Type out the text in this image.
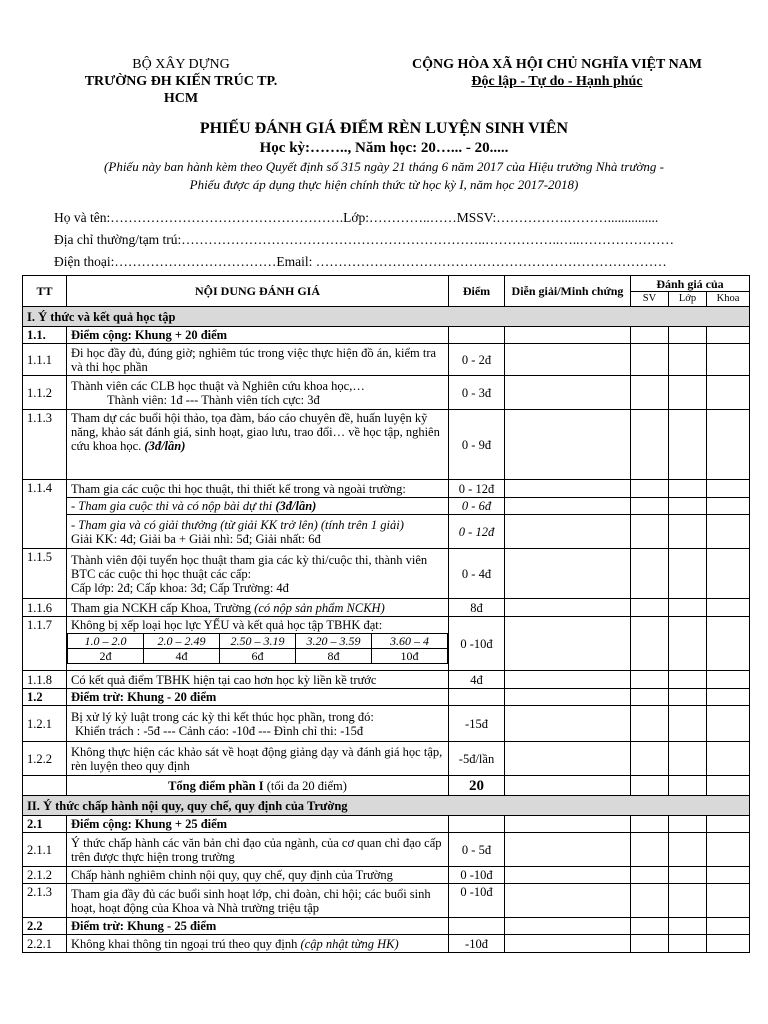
BỘ XÂY DỰNG
TRƯỜNG ĐH KIẾN TRÚC TP. HCM
CỘNG HÒA XÃ HỘI CHỦ NGHĨA VIỆT NAM
Độc lập - Tự do - Hạnh phúc
PHIẾU ĐÁNH GIÁ ĐIỂM RÈN LUYỆN SINH VIÊN
Học kỳ:…….., Năm học: 20…... - 20.....
(Phiếu này ban hành kèm theo Quyết định số 315 ngày 21 tháng 6 năm 2017 của Hiệu trưởng Nhà trường -
Phiếu được áp dụng thực hiện chính thức từ học kỳ I, năm học 2017-2018)
Họ và tên:…………………………………………….Lớp:…………..……MSSV:…………….………...............
Địa chỉ thường/tạm trú:…………………………………………………………..……………..…..…………………
Điện thoại:………………………………Email: ……………………………………………………………………
TT	NỘI DUNG ĐÁNH GIÁ	Điểm	Diễn giải/Minh chứng	Đánh giá của
SV	Lớp	Khoa
I. Ý thức và kết quả học tập
1.1.	Điểm cộng: Khung + 20 điểm					
1.1.1	Đi học đầy đủ, đúng giờ; nghiêm túc trong việc thực hiện đồ án, kiểm tra và thi học phần	0 - 2đ				
1.1.2	Thành viên các CLB học thuật và Nghiên cứu khoa học,…
Thành viên: 1đ --- Thành viên tích cực: 3đ	0 - 3đ				
1.1.3	Tham dự các buổi hội thảo, tọa đàm, báo cáo chuyên đề, huấn luyện kỹ năng, khảo sát đánh giá, sinh hoạt, giao lưu, trao đổi… về học tập, nghiên cứu khoa học. (3đ/lần)	0 - 9đ				
1.1.4	Tham gia các cuộc thi học thuật, thi thiết kế trong và ngoài trường:	0 - 12đ				
- Tham gia cuộc thi và có nộp bài dự thi (3đ/lần)	0 - 6đ				

- Tham gia và có giải thưởng (từ giải KK trở lên) (tính trên 1 giải)
Giải KK: 4đ; Giải ba + Giải nhì: 5đ; Giải nhất: 6đ	0 - 12đ				
1.1.5	Thành viên đội tuyển học thuật tham gia các kỳ thi/cuộc thi, thành viên BTC các cuộc thi học thuật các cấp:
Cấp lớp: 2đ; Cấp khoa: 3đ; Cấp Trường: 4đ
	0 - 4đ				
1.1.6	Tham gia NCKH cấp Khoa, Trường (có nộp sản phẩm NCKH)	8đ				
1.1.7	Không bị xếp loại học lực YẾU và kết quả học tập TBHK đạt:
1.0 – 2.0	2.0 – 2.49	2.50 – 3.19	3.20 – 3.59	3.60 – 4
2đ	4đ	6đ	8đ	10đ
	0 -10đ				
1.1.8	Có kết quả điểm TBHK hiện tại cao hơn học kỳ liền kề trước	4đ				
1.2	Điểm trừ: Khung - 20 điểm					
1.2.1	Bị xử lý kỷ luật trong các kỳ thi kết thúc học phần, trong đó:
Khiển trách : -5đ --- Cảnh cáo: -10đ --- Đình chỉ thi: -15đ	-15đ				
1.2.2	Không thực hiện các khảo sát về hoạt động giảng dạy và đánh giá học tập, rèn luyện theo quy định	-5đ/lần				
	Tổng điểm phần I (tối đa 20 điểm)	20				
II. Ý thức chấp hành nội quy, quy chế, quy định của Trường
2.1	Điểm cộng: Khung + 25 điểm					
2.1.1	Ý thức chấp hành các văn bản chỉ đạo của ngành, của cơ quan chỉ đạo cấp trên được thực hiện trong trường	0 - 5đ				
2.1.2	Chấp hành nghiêm chỉnh nội quy, quy chế, quy định của Trường	0 -10đ				
2.1.3	Tham gia đầy đủ các buổi sinh hoạt lớp, chi đoàn, chi hội; các buổi sinh hoạt, hoạt động của Khoa và Nhà trường triệu tập	0 -10đ				
2.2	Điểm trừ: Khung - 25 điểm					
2.2.1	Không khai thông tin ngoại trú theo quy định (cập nhật từng HK)	-10đ				
